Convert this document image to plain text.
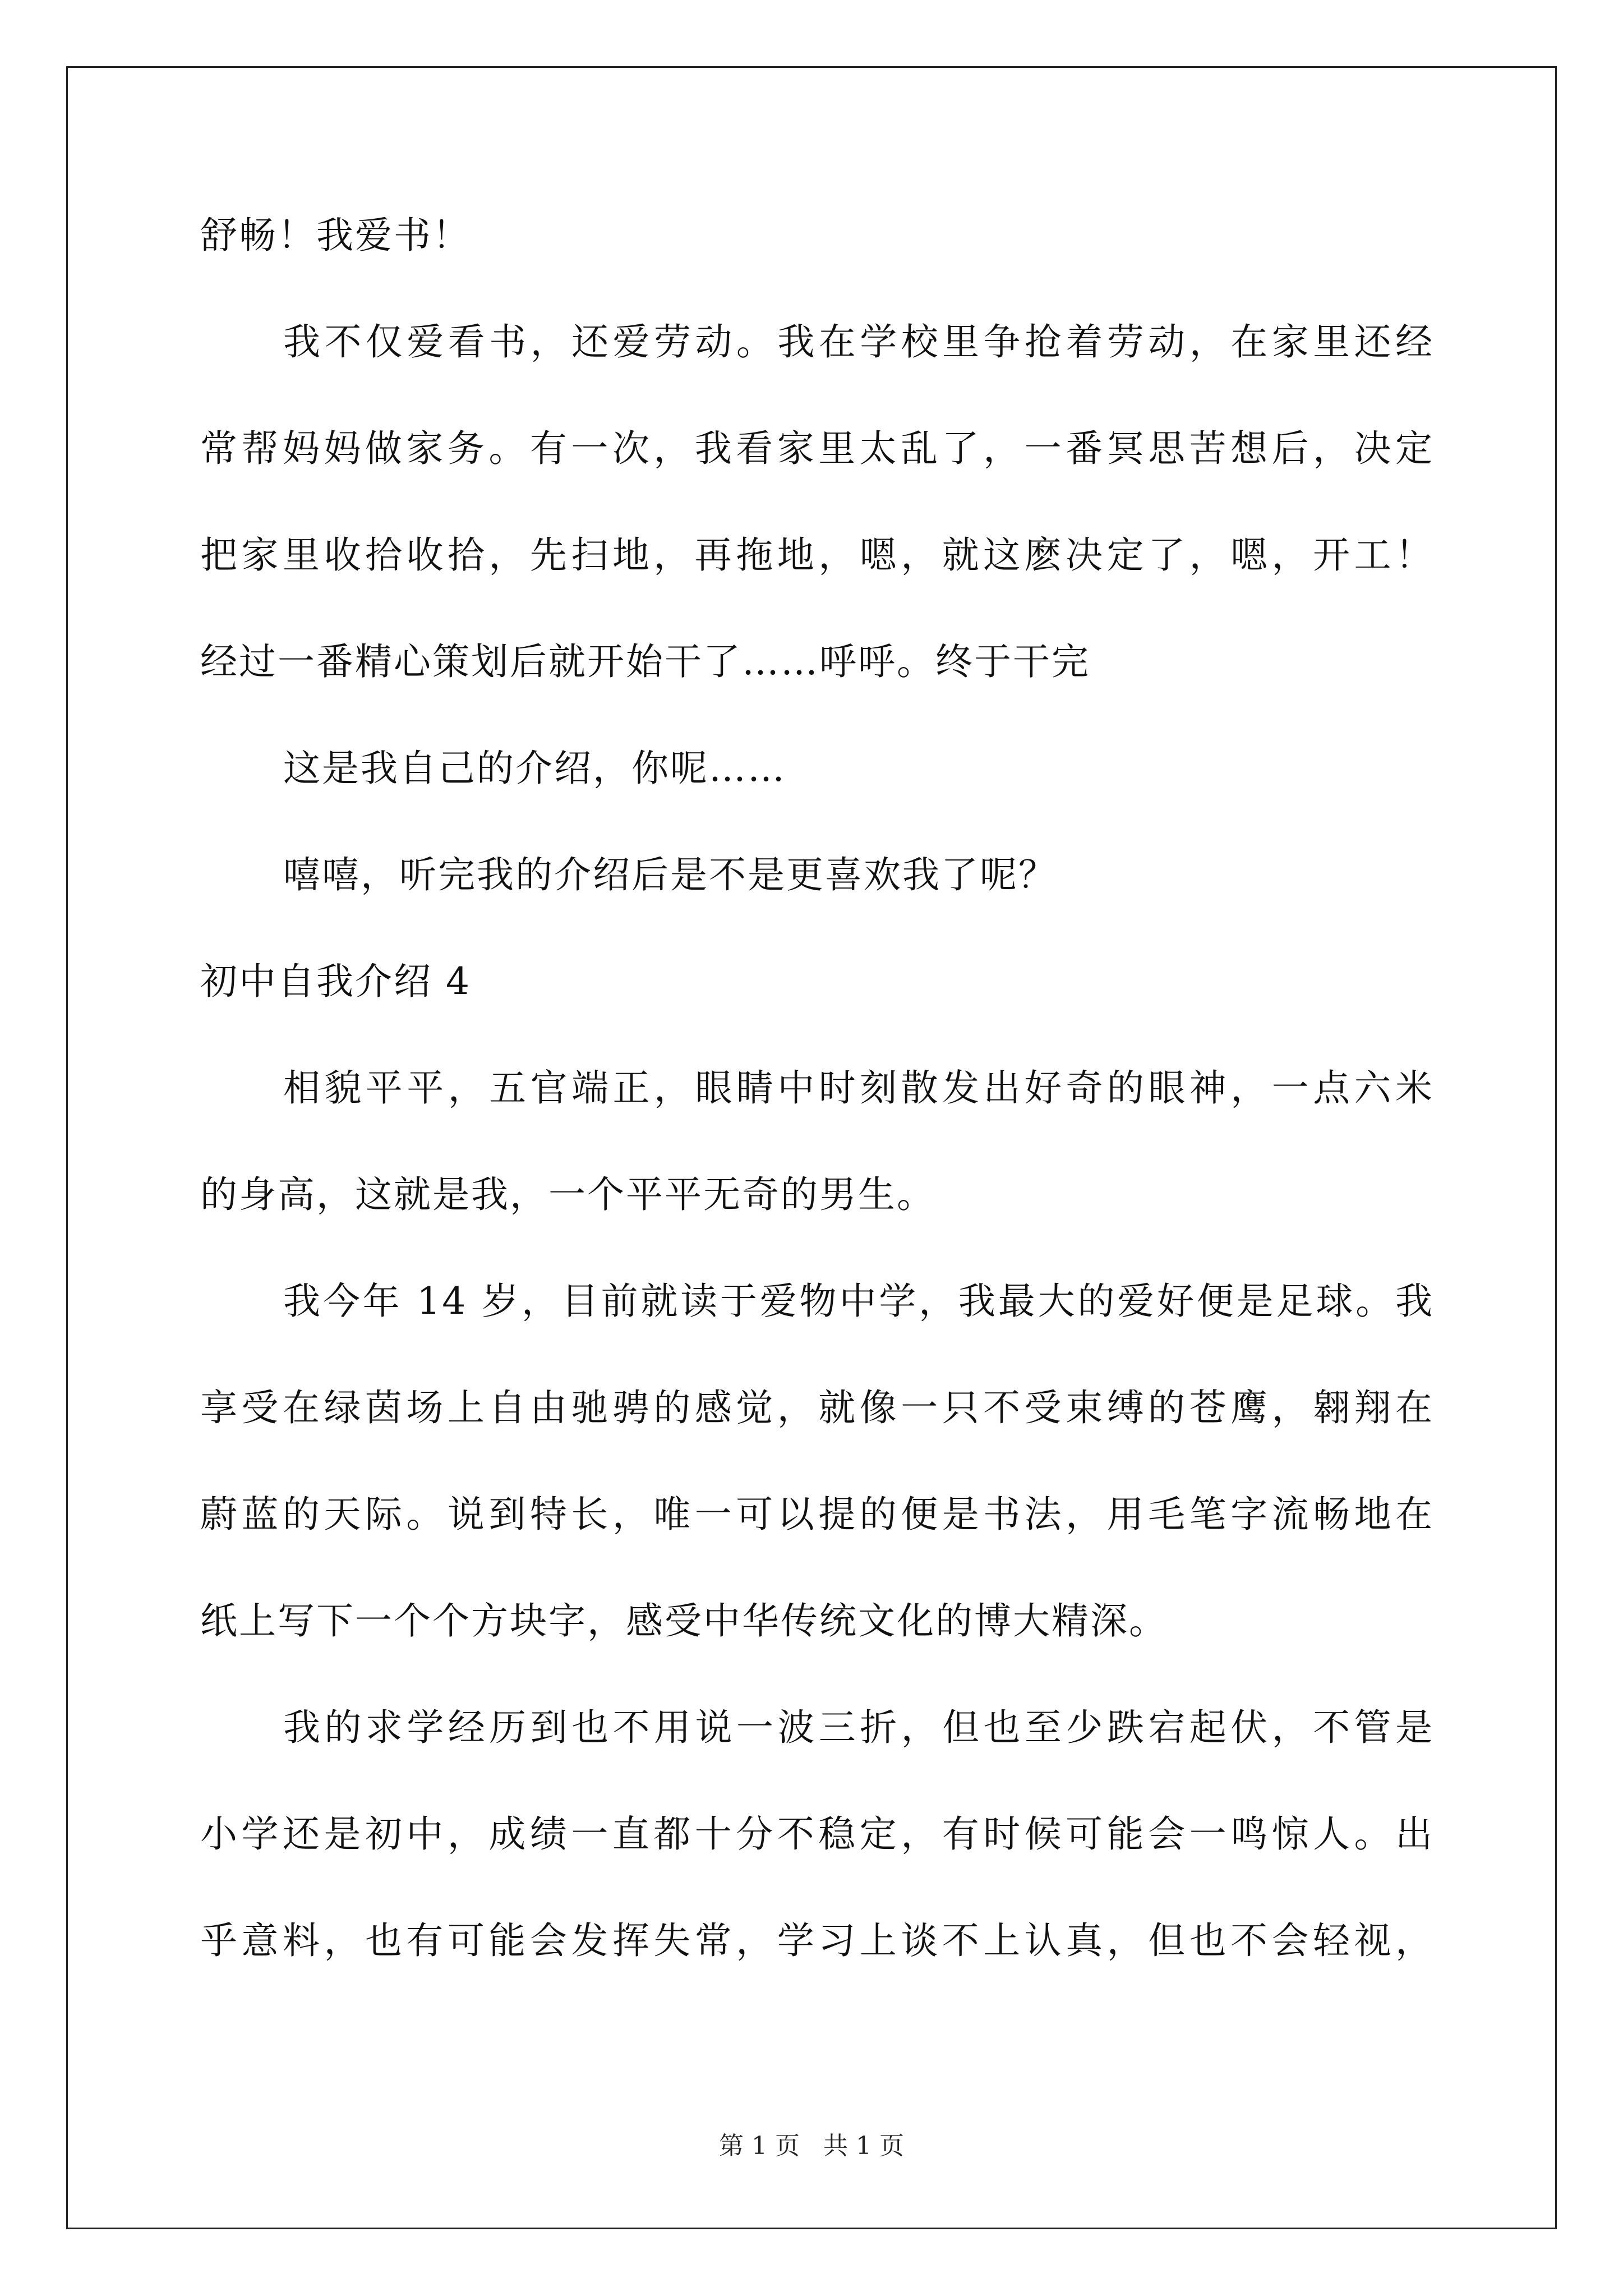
舒畅！我爱书！
我不仅爱看书，还爱劳动。我在学校里争抢着劳动，在家里还经
常帮妈妈做家务。有一次，我看家里太乱了，一番冥思苦想后，决定
把家里收拾收拾，先扫地，再拖地，嗯，就这麽决定了，嗯，开工！
经过一番精心策划后就开始干了……呼呼。终于干完
这是我自己的介绍，你呢……
嘻嘻，听完我的介绍后是不是更喜欢我了呢？
初中自我介绍 4
相貌平平，五官端正，眼睛中时刻散发出好奇的眼神，一点六米
的身高，这就是我，一个平平无奇的男生。
我今年 14 岁，目前就读于爱物中学，我最大的爱好便是足球。我
享受在绿茵场上自由驰骋的感觉，就像一只不受束缚的苍鹰，翱翔在
蔚蓝的天际。说到特长，唯一可以提的便是书法，用毛笔字流畅地在
纸上写下一个个方块字，感受中华传统文化的博大精深。
我的求学经历到也不用说一波三折，但也至少跌宕起伏，不管是
小学还是初中，成绩一直都十分不稳定，有时候可能会一鸣惊人。出
乎意料，也有可能会发挥失常，学习上谈不上认真，但也不会轻视，
第 1 页 共 1 页
